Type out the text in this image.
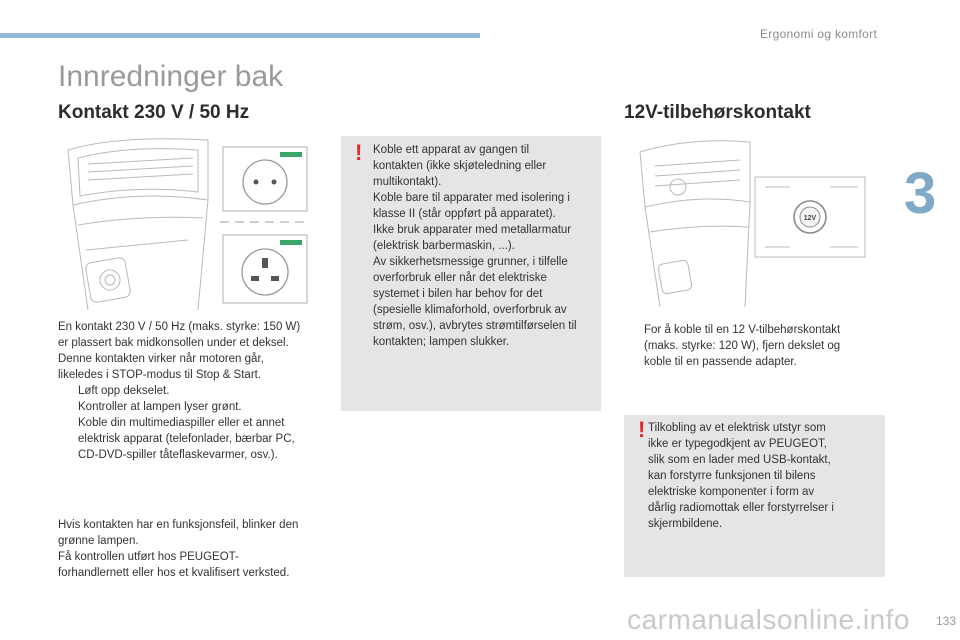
Ergonomi og komfort
3
Innredninger bak
Kontakt 230 V / 50 Hz	12V-tilbehørskontakt
12V

En kontakt 230 V / 50 Hz (maks. styrke: 150 W)

er plassert bak midkonsollen under et deksel.

Denne kontakten virker når motoren går,

likeledes i STOP-modus til Stop & Start.

Løft opp dekselet.
Kontroller at lampen lyser grønt.
Koble din multimediaspiller eller et annet
elektrisk apparat (telefonlader, bærbar PC,
CD-DVD-spiller tåteflaskevarmer, osv.).

Hvis kontakten har en funksjonsfeil, blinker den

grønne lampen.

Få kontrollen utført hos PEUGEOT-

forhandlernett eller hos et kvalifisert verksted.

! Koble ett apparat av gangen til

kontakten (ikke skjøteledning eller

multikontakt).

Koble bare til apparater med isolering i

klasse II (står oppført på apparatet).

Ikke bruk apparater med metallarmatur

(elektrisk barbermaskin, ...).

Av sikkerhetsmessige grunner, i tilfelle

overforbruk eller når det elektriske

systemet i bilen har behov for det

(spesielle klimaforhold, overforbruk av

strøm, osv.), avbrytes strømtilførselen til

kontakten; lampen slukker.

For å koble til en 12 V-tilbehørskontakt
(maks. styrke: 120 W), fjern dekslet og
koble til en passende adapter.
! Tilkobling av et elektrisk utstyr som

ikke er typegodkjent av PEUGEOT,

slik som en lader med USB-kontakt,

kan forstyrre funksjonen til bilens

elektriske komponenter i form av

dårlig radiomottak eller forstyrrelser i

skjermbildene.

carmanualsonline.info 133
